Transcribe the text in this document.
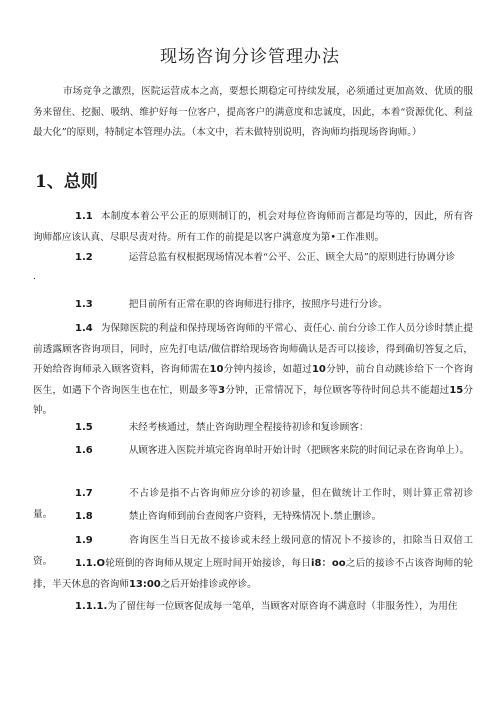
现场咨询分诊管理办法

市场竞争之激烈，医院运营成本之高，要想长期稳定可持续发展，必须通过更加高效、优质的服务来留住、挖掘、吸纳、维护好每一位客户，提高客户的满意度和忠诚度，因此，本着“资源优化、利益最大化”的原则，特制定本管理办法。（本文中，若未做特别说明，咨询师均指现场咨询师。）

1、总则

1.1 本制度本着公平公正的原则制订的，机会对每位咨询师而言都是均等的，因此，所有咨询师都应该认真、尽职尽责对待。所有工作的前提是以客户满意度为第•工作准则。

1.2	运营总监有权根据现场情况本着“公平、公正、顾全大局”的原则进行协调分诊

.

1.3	把目前所有正常在职的咨询师进行排序，按照序号进行分诊。

1.4 为保障医院的利益和保持现场咨询师的平常心、责任心. 前台分诊工作人员分诊时禁止提前透露顾客咨询项目，同时，应先打电话/做信群给现场咨询师确认是否可以接诊，得到确切答复之后，开始给咨询师录入顾客资料，咨询师需在10分钟内接诊，如超过10分钟，前台自动跳诊给下一个咨询医生，如遇下个咨询医生也在忙，则最多等3分钟，正常情况下，每位顾客等待时间总共不能超过15分钟。

1.5	未经考核通过，禁止咨询助理全程接待初诊和复诊顾客：

1.6	从顾客进入医院并填完咨询单时开始计时（把顾客来院的时间记录在咨询单上）。

1.7	不占诊是指不占咨询师应分诊的初诊量，但在做统计工作时，则计算正常初诊量。	1.8	禁止咨询师到前台查阅客户资料，无特殊情况卜.禁止删诊。

1.9	咨询医生当日无故不接诊或未经上级同意的情况卜不接诊的，扣除当日双倍工资。	1.1.O轮班倒的咨询师从规定上班时间开始接诊，每日i8：oo之后的接诊不占该咨询师的轮排，半天休息的咨询师13:00之后开始排诊或停诊。

1.1.1.为了留住每一位顾客促成每一笔单，当顾客对原咨询不满意时（非服务性），为用住
